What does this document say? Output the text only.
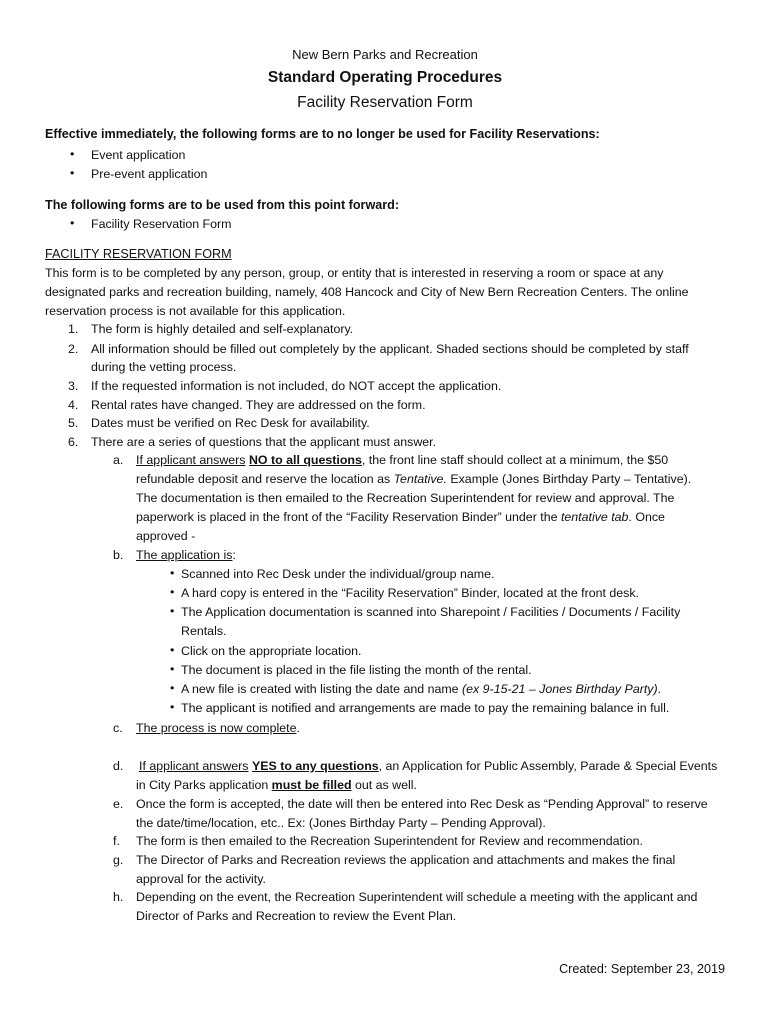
New Bern Parks and Recreation
Standard Operating Procedures
Facility Reservation Form
Effective immediately, the following forms are to no longer be used for Facility Reservations:
• Event application
• Pre-event application
The following forms are to be used from this point forward:
• Facility Reservation Form
FACILITY RESERVATION FORM
This form is to be completed by any person, group, or entity that is interested in reserving a room or space at any
designated parks and recreation building, namely, 408 Hancock and City of New Bern Recreation Centers. The online
reservation process is not available for this application.
1. The form is highly detailed and self-explanatory.
2. All information should be filled out completely by the applicant. Shaded sections should be completed by staff
during the vetting process.
3. If the requested information is not included, do NOT accept the application.
4. Rental rates have changed. They are addressed on the form.
5. Dates must be verified on Rec Desk for availability.
6. There are a series of questions that the applicant must answer.
a. If applicant answers NO to all questions, the front line staff should collect at a minimum, the $50
refundable deposit and reserve the location as Tentative. Example (Jones Birthday Party – Tentative).
The documentation is then emailed to the Recreation Superintendent for review and approval. The
paperwork is placed in the front of the “Facility Reservation Binder” under the tentative tab. Once
approved -
b. The application is:
• Scanned into Rec Desk under the individual/group name.
• A hard copy is entered in the “Facility Reservation” Binder, located at the front desk.
• The Application documentation is scanned into Sharepoint / Facilities / Documents / Facility
Rentals.
• Click on the appropriate location.
• The document is placed in the file listing the month of the rental.
• A new file is created with listing the date and name (ex 9-15-21 – Jones Birthday Party).
• The applicant is notified and arrangements are made to pay the remaining balance in full.
c. The process is now complete.
d. If applicant answers YES to any questions, an Application for Public Assembly, Parade & Special Events
in City Parks application must be filled out as well.
e. Once the form is accepted, the date will then be entered into Rec Desk as “Pending Approval” to reserve
the date/time/location, etc.. Ex: (Jones Birthday Party – Pending Approval).
f. The form is then emailed to the Recreation Superintendent for Review and recommendation.
g. The Director of Parks and Recreation reviews the application and attachments and makes the final
approval for the activity.
h. Depending on the event, the Recreation Superintendent will schedule a meeting with the applicant and
Director of Parks and Recreation to review the Event Plan.
Created: September 23, 2019
